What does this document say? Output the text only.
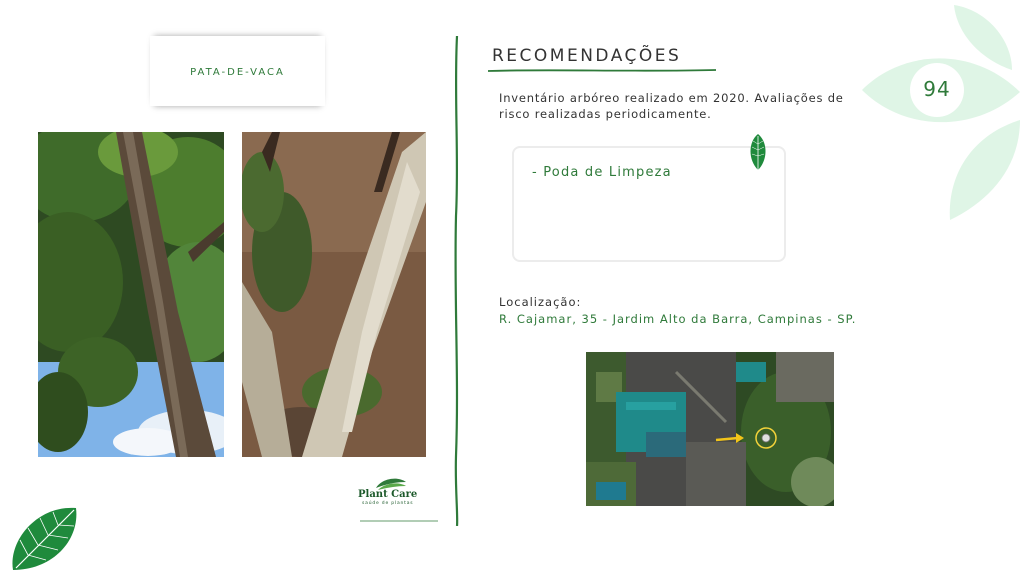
PATA-DE-VACA
RECOMENDAÇÕES
Inventário arbóreo realizado em 2020. Avaliações de risco realizadas periodicamente.
- Poda de Limpeza
Localização:
R. Cajamar, 35 - Jardim Alto da Barra, Campinas - SP.
94
Plant Care
saúde de plantas
